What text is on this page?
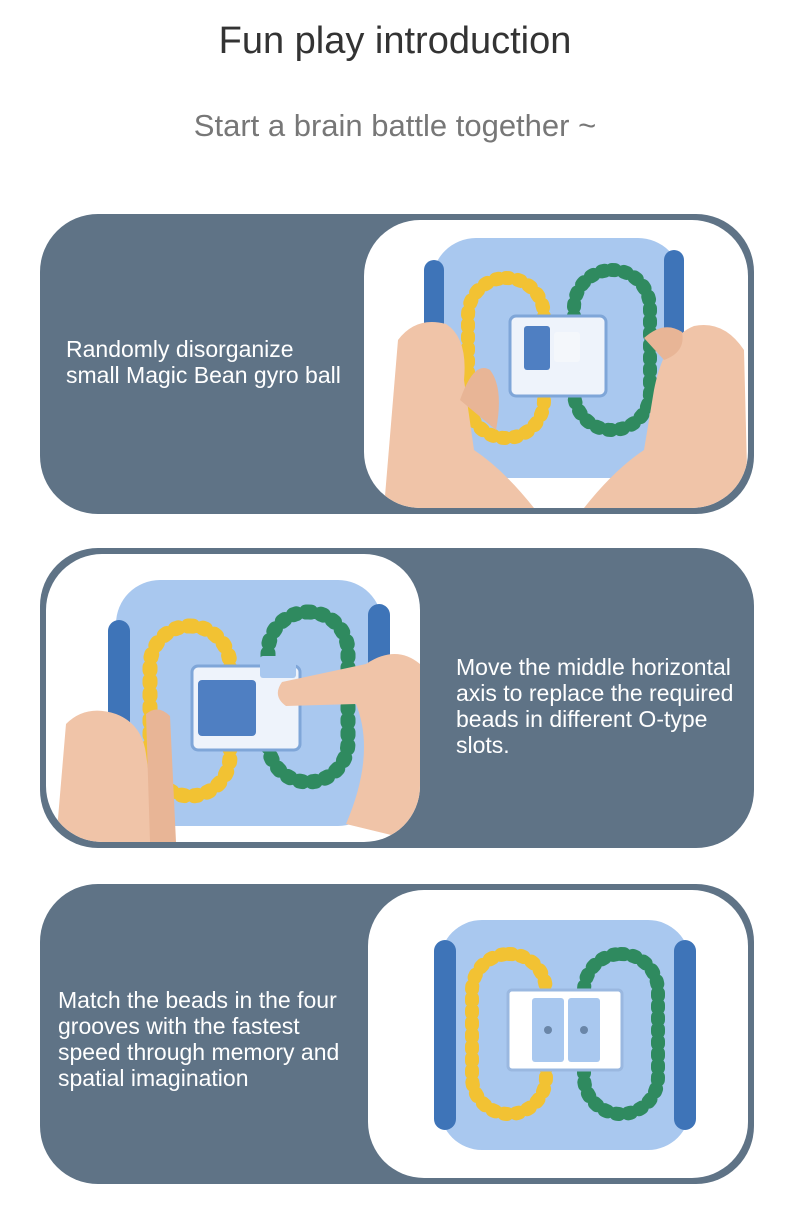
Fun play introduction
Start a brain battle together ~
Randomly disorganize small Magic Bean gyro ball
Move the middle horizontal axis to replace the required beads in different O-type slots.
Match the beads in the four grooves with the fastest speed through memory and spatial imagination
